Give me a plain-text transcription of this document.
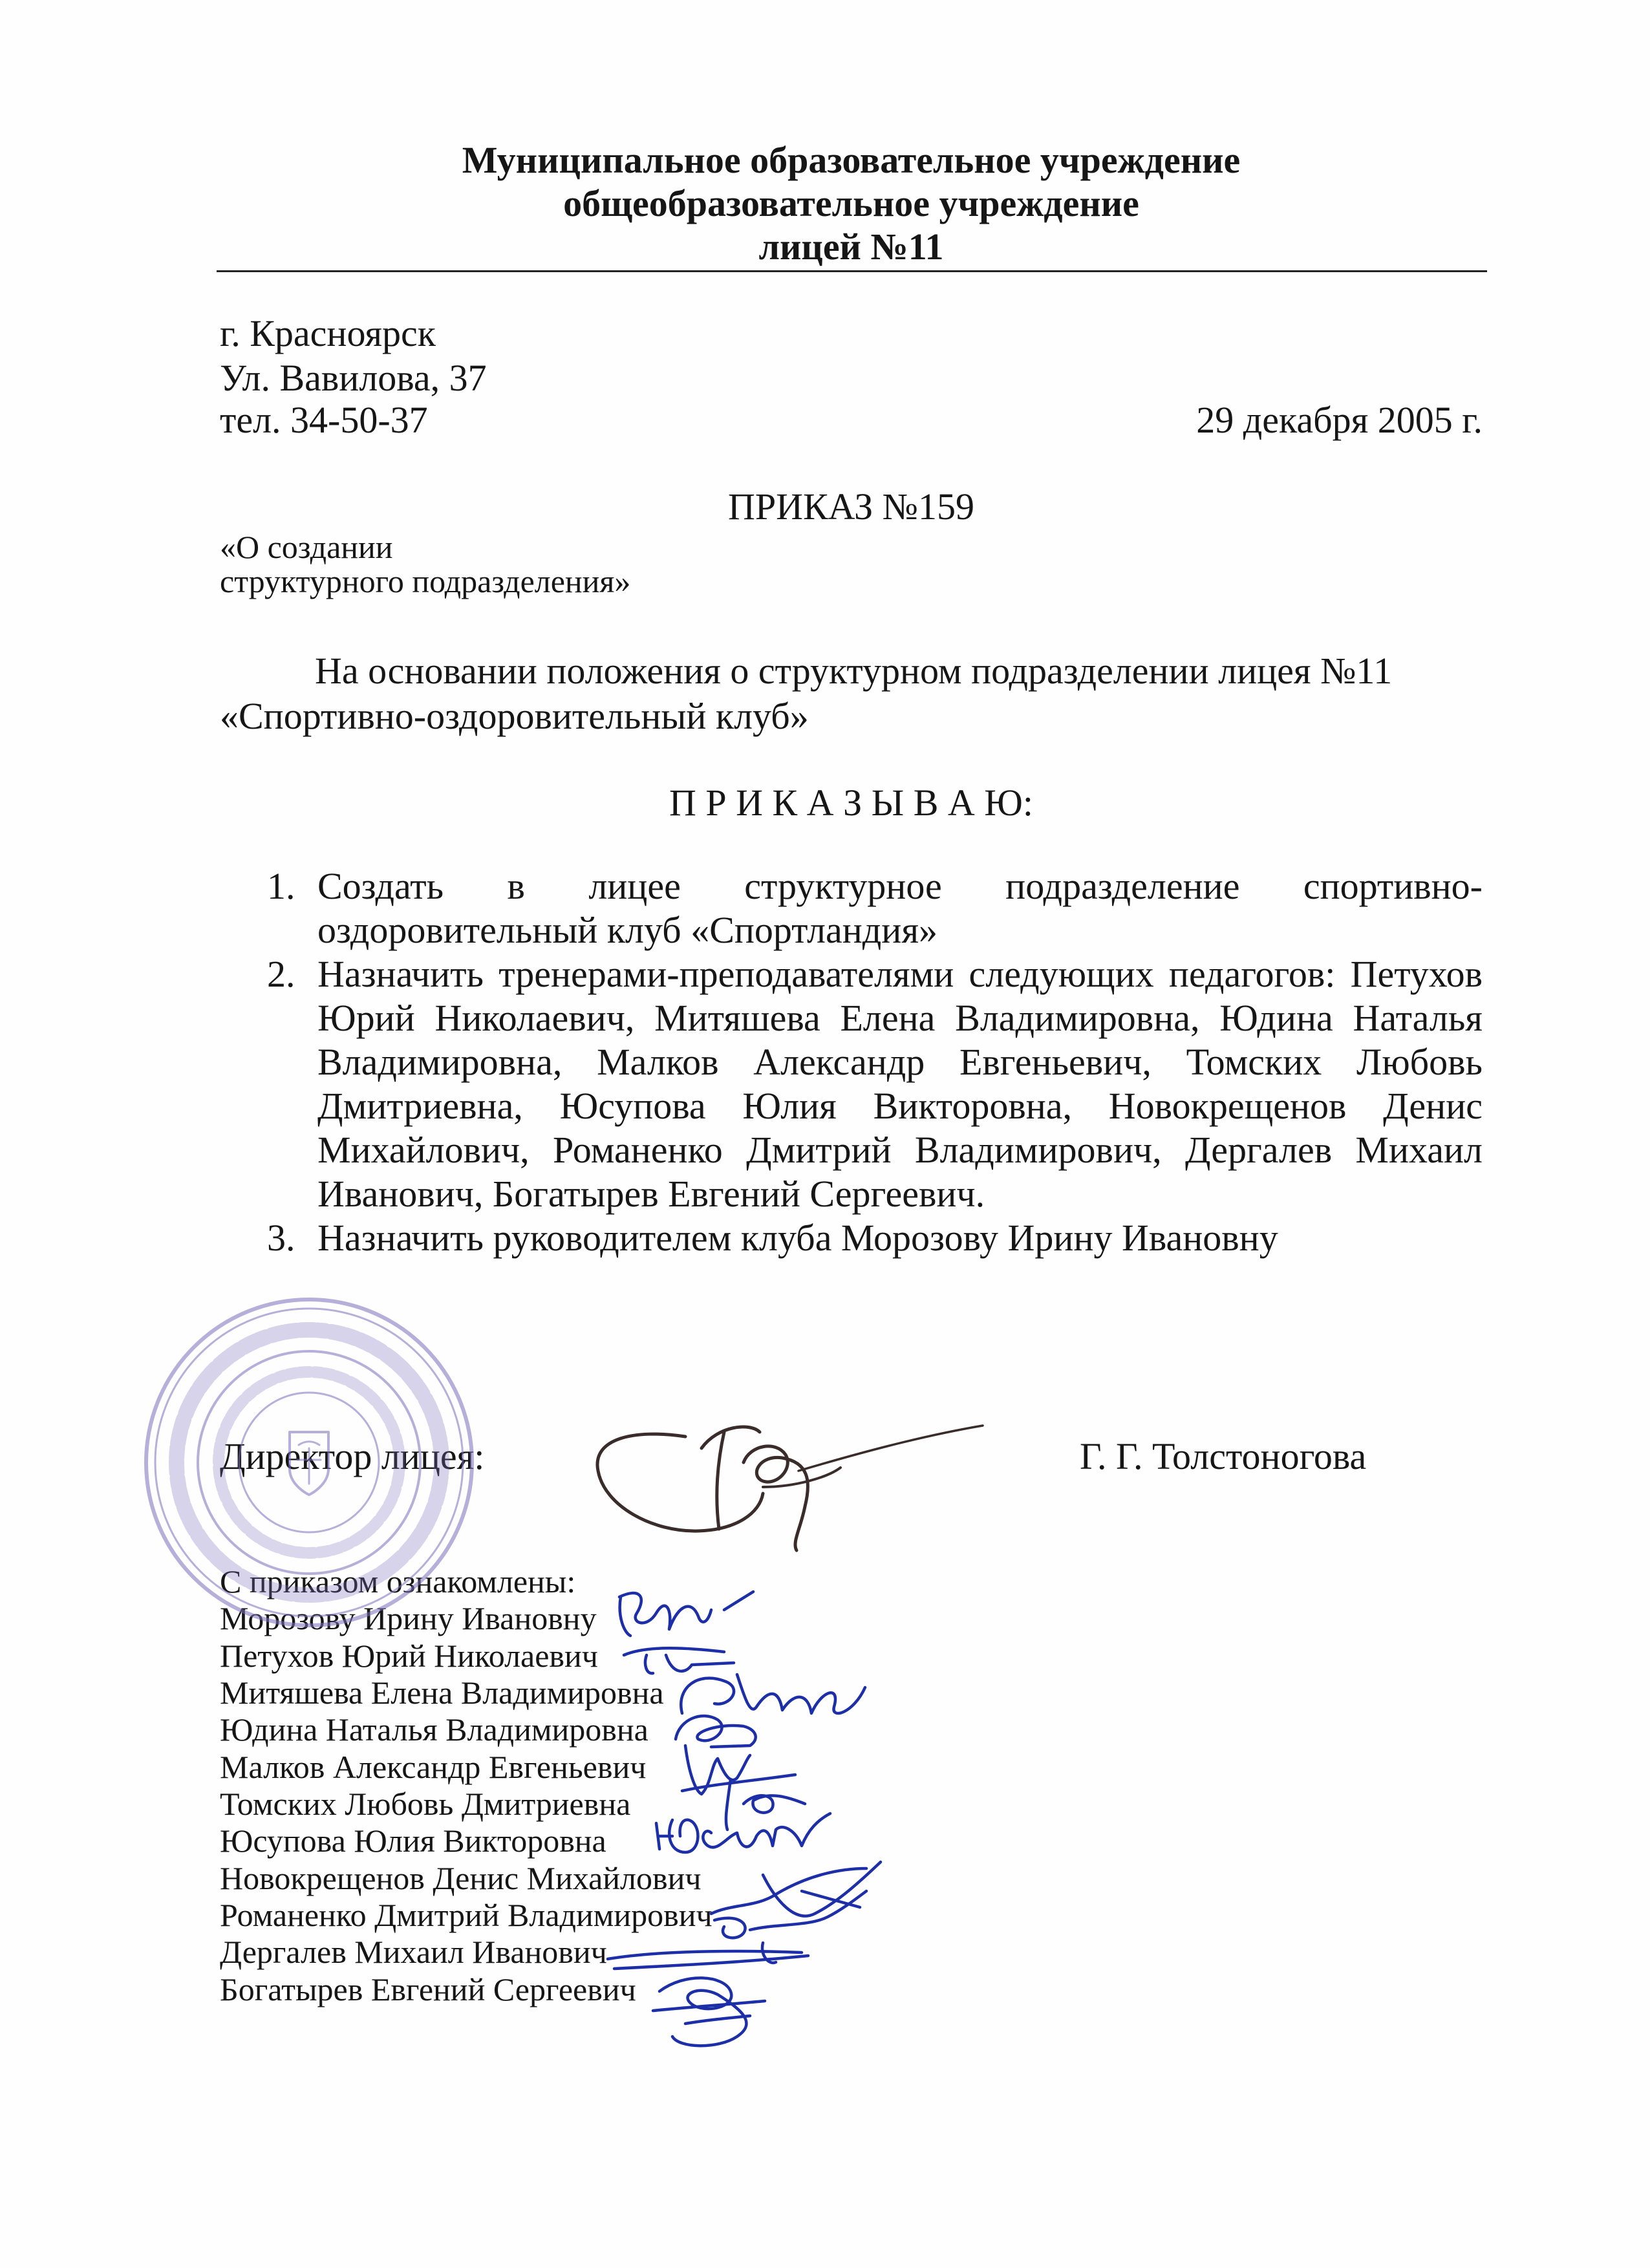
Муниципальное образовательное учреждение
общеобразовательное учреждение
лицей №11
г. Красноярск
Ул. Вавилова, 37
тел. 34-50-37	29 декабря 2005 г.
ПРИКАЗ №159
«О создании
структурного подразделения»
На основании положения о структурном подразделении лицея №11
«Спортивно-оздоровительный клуб»
П Р И К А З Ы В А Ю:
1. Создать в лицее структурное подразделение спортивно-
оздоровительный клуб «Спортландия»
2. Назначить тренерами-преподавателями следующих педагогов: Петухов
Юрий Николаевич, Митяшева Елена Владимировна, Юдина Наталья
Владимировна, Малков Александр Евгеньевич, Томских Любовь
Дмитриевна, Юсупова Юлия Викторовна, Новокрещенов Денис
Михайлович, Романенко Дмитрий Владимирович, Дергалев Михаил
Иванович, Богатырев Евгений Сергеевич.
3. Назначить руководителем клуба Морозову Ирину Ивановну
Директор лицея:	Г. Г. Толстоногова
С приказом ознакомлены:
Морозову Ирину Ивановну
Петухов Юрий Николаевич
Митяшева Елена Владимировна
Юдина Наталья Владимировна
Малков Александр Евгеньевич
Томских Любовь Дмитриевна
Юсупова Юлия Викторовна
Новокрещенов Денис Михайлович
Романенко Дмитрий Владимирович
Дергалев Михаил Иванович
Богатырев Евгений Сергеевич
